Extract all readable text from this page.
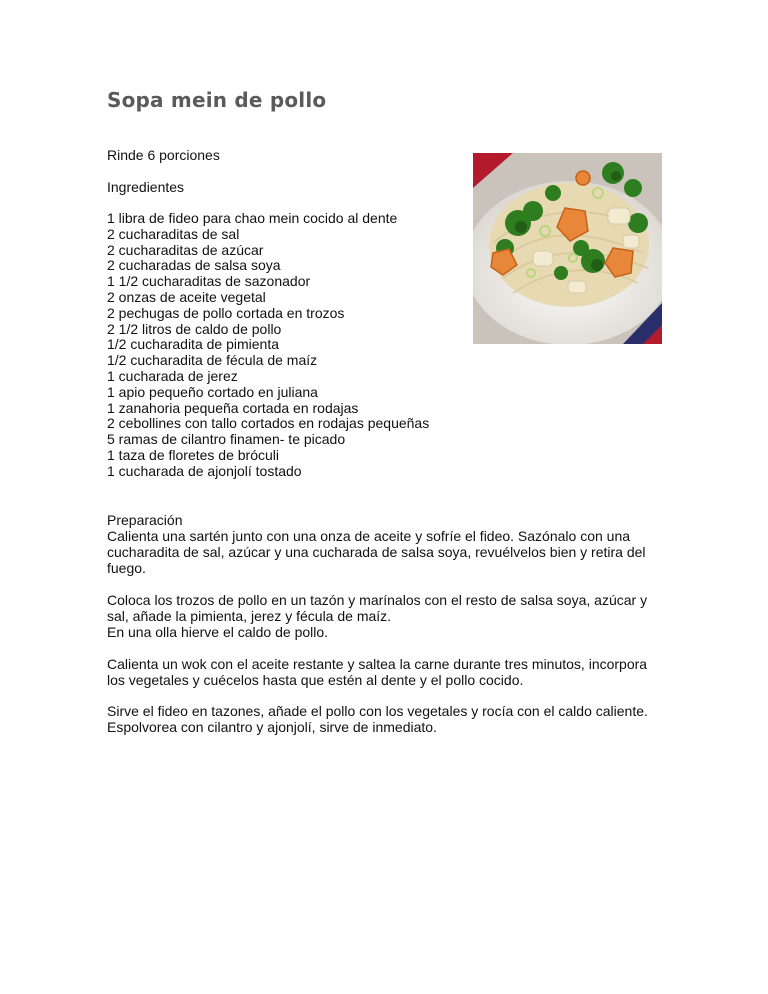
Sopa mein de pollo
Rinde 6 porciones
Ingredientes
1 libra de fideo para chao mein cocido al dente
2 cucharaditas de sal
2 cucharaditas de azúcar
2 cucharadas de salsa soya
1 1/2 cucharaditas de sazonador
2 onzas de aceite vegetal
2 pechugas de pollo cortada en trozos
2 1/2 litros de caldo de pollo
1/2 cucharadita de pimienta
1/2 cucharadita de fécula de maíz
1 cucharada de jerez
1 apio pequeño cortado en juliana
1 zanahoria pequeña cortada en rodajas
2 cebollines con tallo cortados en rodajas pequeñas
5 ramas de cilantro finamen- te picado
1 taza de floretes de bróculi
1 cucharada de ajonjolí tostado
Preparación
Calienta una sartén junto con una onza de aceite y sofríe el fideo. Sazónalo con una cucharadita de sal, azúcar y una cucharada de salsa soya, revuélvelos bien y retira del fuego.
Coloca los trozos de pollo en un tazón y marínalos con el resto de salsa soya, azúcar y sal, añade la pimienta, jerez y fécula de maíz.
En una olla hierve el caldo de pollo.
Calienta un wok con el aceite restante y saltea la carne durante tres minutos, incorpora los vegetales y cuécelos hasta que estén al dente y el pollo cocido.
Sirve el fideo en tazones, añade el pollo con los vegetales y rocía con el caldo caliente. Espolvorea con cilantro y ajonjolí, sirve de inmediato.
